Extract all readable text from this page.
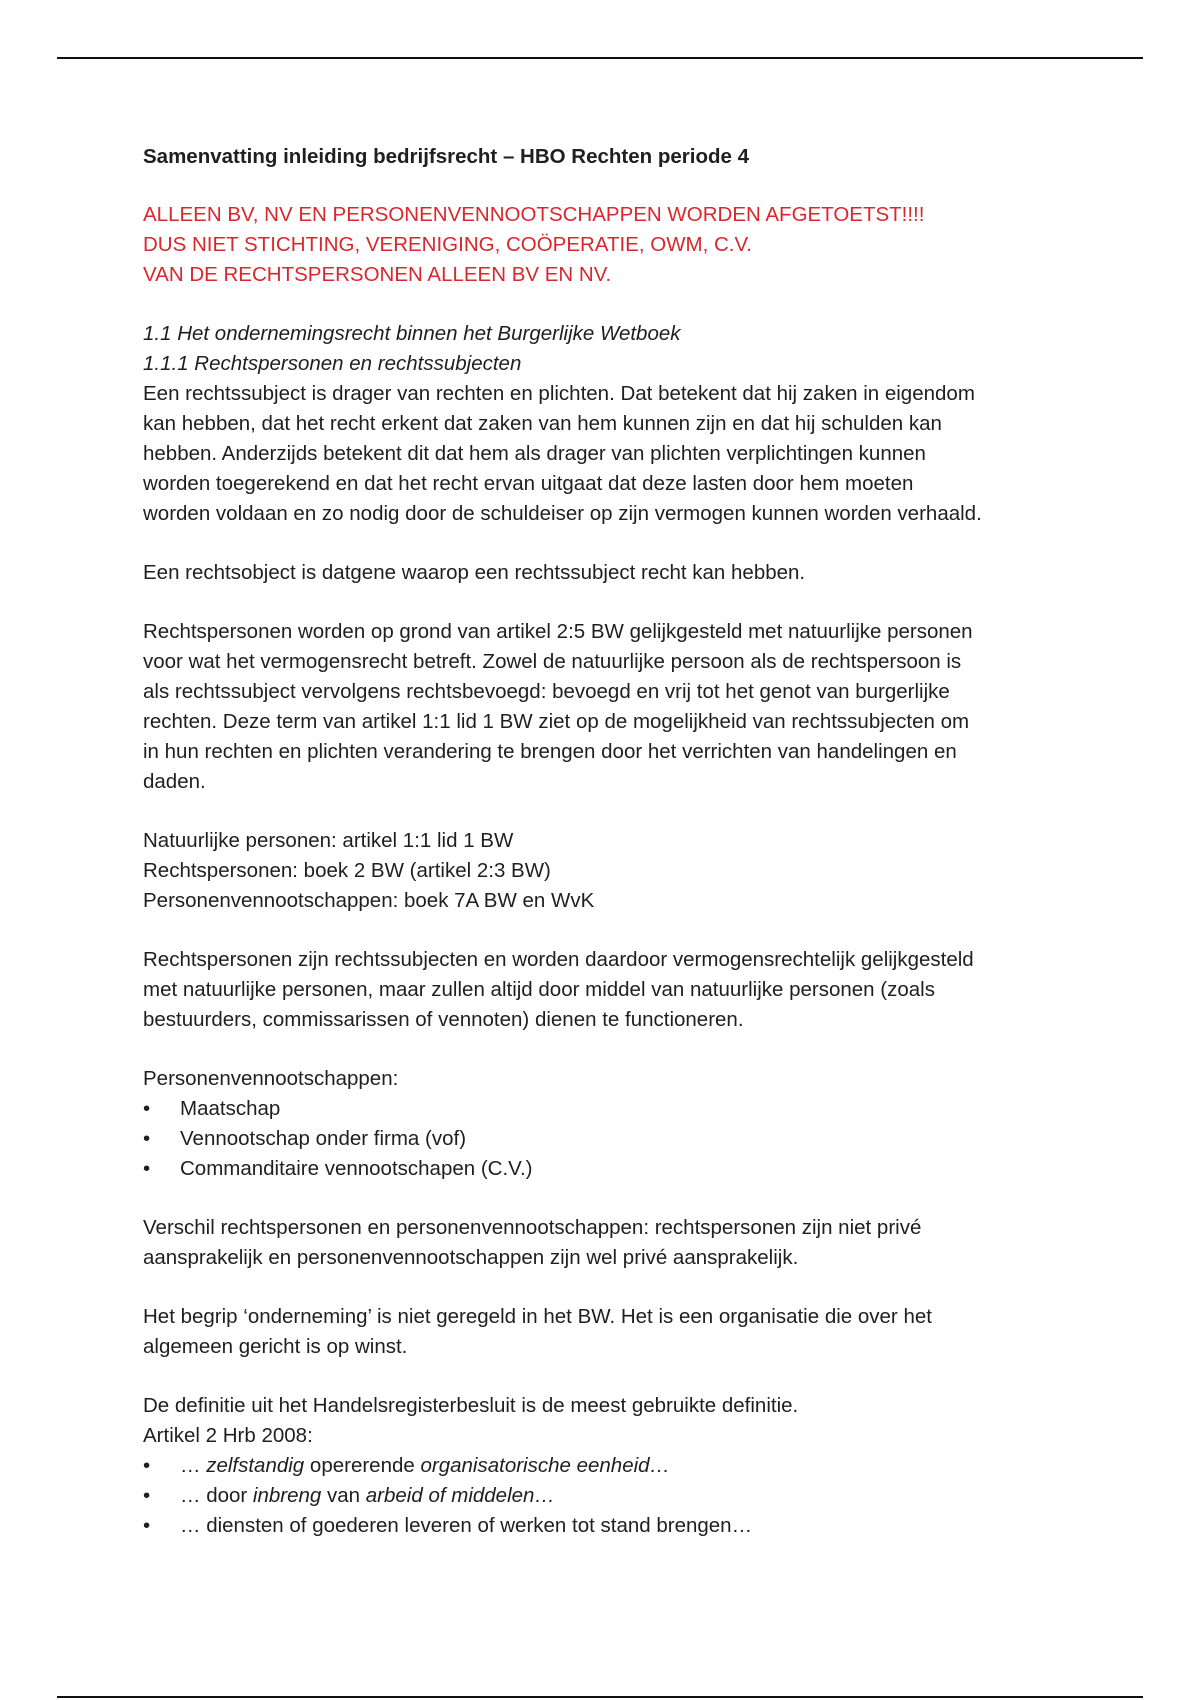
Samenvatting inleiding bedrijfsrecht – HBO Rechten periode 4
ALLEEN BV, NV EN PERSONENVENNOOTSCHAPPEN WORDEN AFGETOETST!!!!
DUS NIET STICHTING, VERENIGING, COÖPERATIE, OWM, C.V.
VAN DE RECHTSPERSONEN ALLEEN BV EN NV.
1.1 Het ondernemingsrecht binnen het Burgerlijke Wetboek
1.1.1 Rechtspersonen en rechtssubjecten
Een rechtssubject is drager van rechten en plichten. Dat betekent dat hij zaken in eigendom
kan hebben, dat het recht erkent dat zaken van hem kunnen zijn en dat hij schulden kan
hebben. Anderzijds betekent dit dat hem als drager van plichten verplichtingen kunnen
worden toegerekend en dat het recht ervan uitgaat dat deze lasten door hem moeten
worden voldaan en zo nodig door de schuldeiser op zijn vermogen kunnen worden verhaald.
Een rechtsobject is datgene waarop een rechtssubject recht kan hebben.
Rechtspersonen worden op grond van artikel 2:5 BW gelijkgesteld met natuurlijke personen
voor wat het vermogensrecht betreft. Zowel de natuurlijke persoon als de rechtspersoon is
als rechtssubject vervolgens rechtsbevoegd: bevoegd en vrij tot het genot van burgerlijke
rechten. Deze term van artikel 1:1 lid 1 BW ziet op de mogelijkheid van rechtssubjecten om
in hun rechten en plichten verandering te brengen door het verrichten van handelingen en
daden.
Natuurlijke personen: artikel 1:1 lid 1 BW
Rechtspersonen: boek 2 BW (artikel 2:3 BW)
Personenvennootschappen: boek 7A BW en WvK
Rechtspersonen zijn rechtssubjecten en worden daardoor vermogensrechtelijk gelijkgesteld
met natuurlijke personen, maar zullen altijd door middel van natuurlijke personen (zoals
bestuurders, commissarissen of vennoten) dienen te functioneren.
Personenvennootschappen:
• Maatschap
• Vennootschap onder firma (vof)
• Commanditaire vennootschapen (C.V.)
Verschil rechtspersonen en personenvennootschappen: rechtspersonen zijn niet privé
aansprakelijk en personenvennootschappen zijn wel privé aansprakelijk.
Het begrip ‘onderneming’ is niet geregeld in het BW. Het is een organisatie die over het
algemeen gericht is op winst.
De definitie uit het Handelsregisterbesluit is de meest gebruikte definitie.
Artikel 2 Hrb 2008:
• … zelfstandig opererende organisatorische eenheid…
• … door inbreng van arbeid of middelen…
• … diensten of goederen leveren of werken tot stand brengen…
